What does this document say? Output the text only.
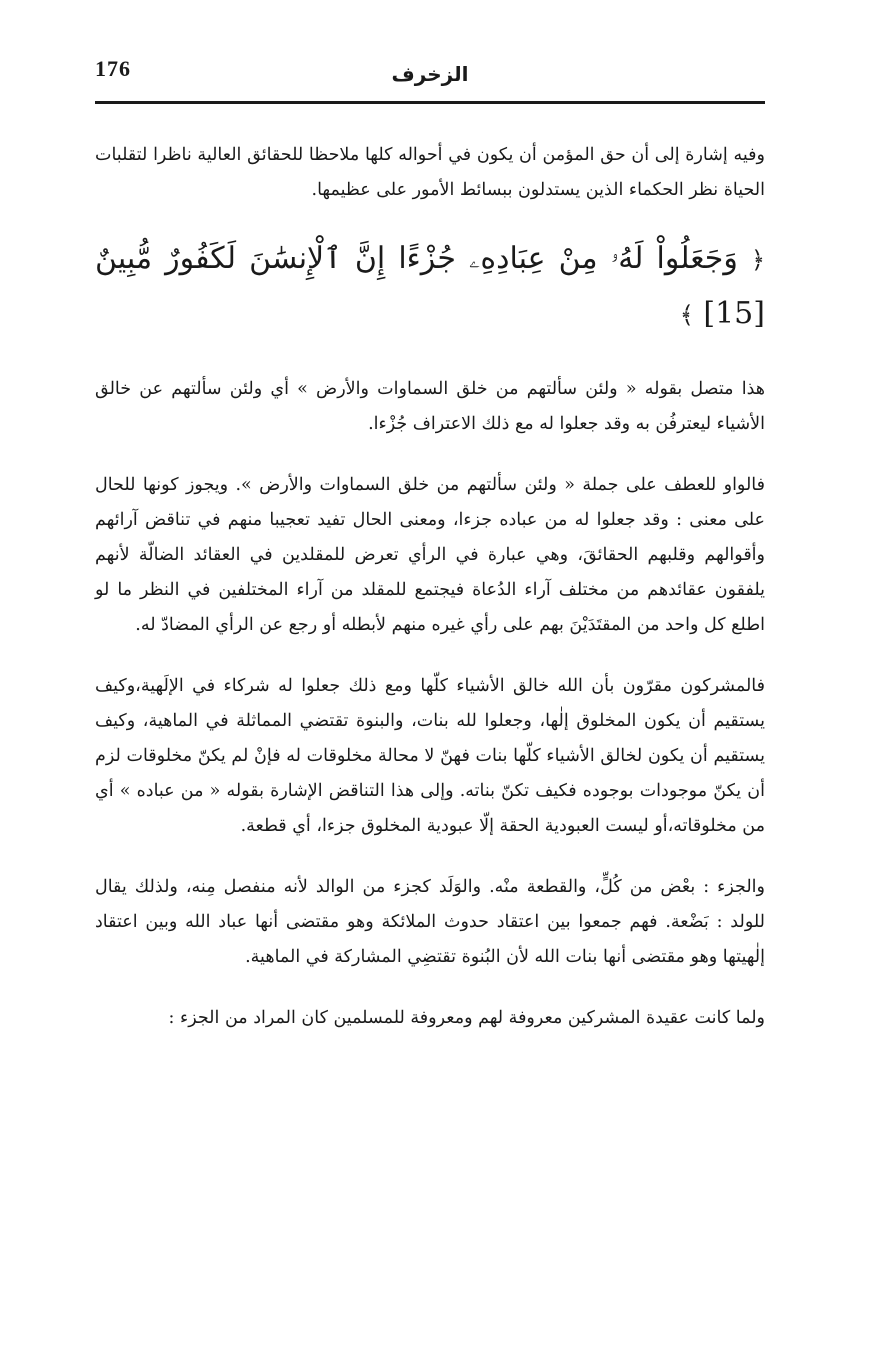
176	الزخرف

وفيه إشارة إلى أن حق المؤمن أن يكون في أحواله كلها ملاحظا للحقائق العالية ناظرا لتقلبات الحياة نظر الحكماء الذين يستدلون ببسائط الأمور على عظيمها.

﴿ وَجَعَلُواْ لَهُۥ مِنْ عِبَادِهِۦ جُزْءًا إِنَّ ٱلْإِنسَٰنَ لَكَفُورٌ مُّبِينٌ [15] ﴾

هذا متصل بقوله « ولئن سألتهم من خلق السماوات والأرض » أي ولئن سألتهم عن خالق الأشياء ليعترفُن به وقد جعلوا له مع ذلك الاعتراف جُزْءا.

فالواو للعطف على جملة « ولئن سألتهم من خلق السماوات والأرض ». ويجوز كونها للحال على معنى : وقد جعلوا له من عباده جزءا، ومعنى الحال تفيد تعجيبا منهم في تناقض آرائهم وأقوالهم وقلبهم الحقائقَ، وهي عبارة في الرأي تعرض للمقلدين في العقائد الضالّة لأنهم يلفقون عقائدهم من مختلف آراء الدُعاة فيجتمع للمقلد من آراء المختلفين في النظر ما لو اطلع كل واحد من المقتَدَيْنَ بهم على رأي غيره منهم لأبطله أو رجع عن الرأي المضادّ له.

فالمشركون مقرّون بأن الله خالق الأشياء كلّها ومع ذلك جعلوا له شركاء في الإلَهية،وكيف يستقيم أن يكون المخلوق إلٰها، وجعلوا لله بنات، والبنوة تقتضي المماثلة في الماهية، وكيف يستقيم أن يكون لخالق الأشياء كلّها بنات فهنّ لا محالة مخلوقات له فإنْ لم يكنّ مخلوقات لزم أن يكنّ موجودات بوجوده فكيف تكنّ بناته. وإلى هذا التناقض الإشارة بقوله « من عباده » أي من مخلوقاته،أو ليست العبودية الحقة إلّا عبودية المخلوق جزءا، أي قطعة.

والجزء : بعْض من كُلٍّ، والقطعة منْه. والوَلَد كجزء من الوالد لأنه منفصل مِنه، ولذلك يقال للولد : بَضْعة. فهم جمعوا بين اعتقاد حدوث الملائكة وهو مقتضى أنها عباد الله وبين اعتقاد إلٰهيتها وهو مقتضى أنها بنات الله لأن البُنوة تقتضِي المشاركة في الماهية.

ولما كانت عقيدة المشركين معروفة لهم ومعروفة للمسلمين كان المراد من الجزء :
